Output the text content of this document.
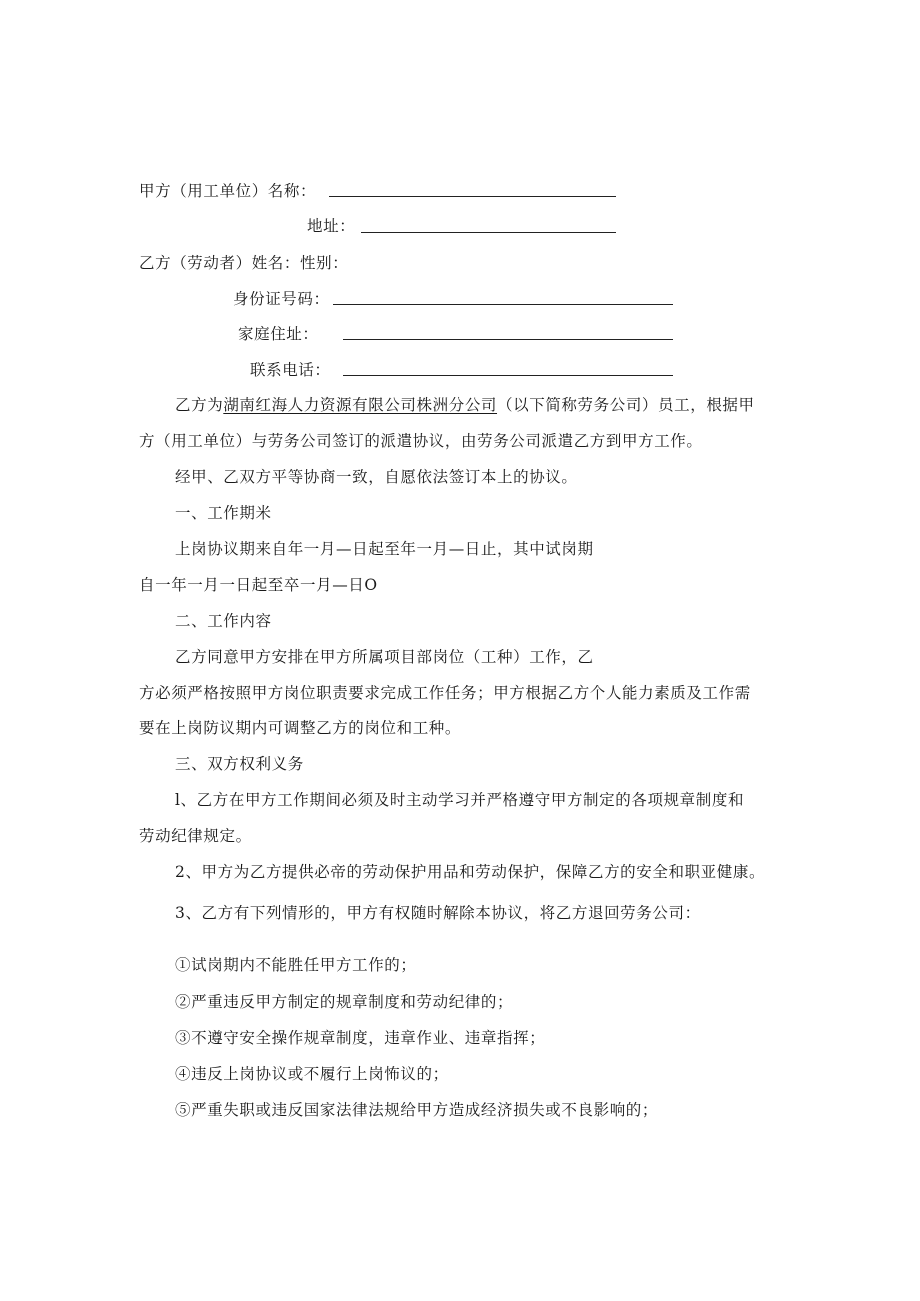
甲方（用工单位）名称：
地址：
乙方（劳动者）姓名：性别：
身份证号码：
家庭住址：
联系电话：
乙方为湖南红海人力资源有限公司株洲分公司（以下简称劳务公司）员工，根据甲
方（用工单位）与劳务公司签订的派遣协议，由劳务公司派遣乙方到甲方工作。
经甲、乙双方平等协商一致，自愿依法签订本上的协议。
一、工作期米
上岗协议期来自年一月—日起至年一月—日止，其中试岗期
自一年一月一日起至卒一月—日O
二、工作内容
乙方同意甲方安排在甲方所属项目部岗位（工种）工作，乙
方必须严格按照甲方岗位职责要求完成工作任务；甲方根据乙方个人能力素质及工作需
要在上岗防议期内可调整乙方的岗位和工种。
三、双方权利义务
l、乙方在甲方工作期间必须及时主动学习并严格遵守甲方制定的各项规章制度和
劳动纪律规定。
2、甲方为乙方提供必帝的劳动保护用品和劳动保护，保障乙方的安全和职亚健康。
3、乙方有下列情形的，甲方有权随时解除本协议，将乙方退回劳务公司：
①试岗期内不能胜任甲方工作的；
②严重违反甲方制定的规章制度和劳动纪律的；
③不遵守安全操作规章制度，违章作业、违章指挥；
④违反上岗协议或不履行上岗怖议的；
⑤严重失职或违反国家法律法规给甲方造成经济损失或不良影响的；
